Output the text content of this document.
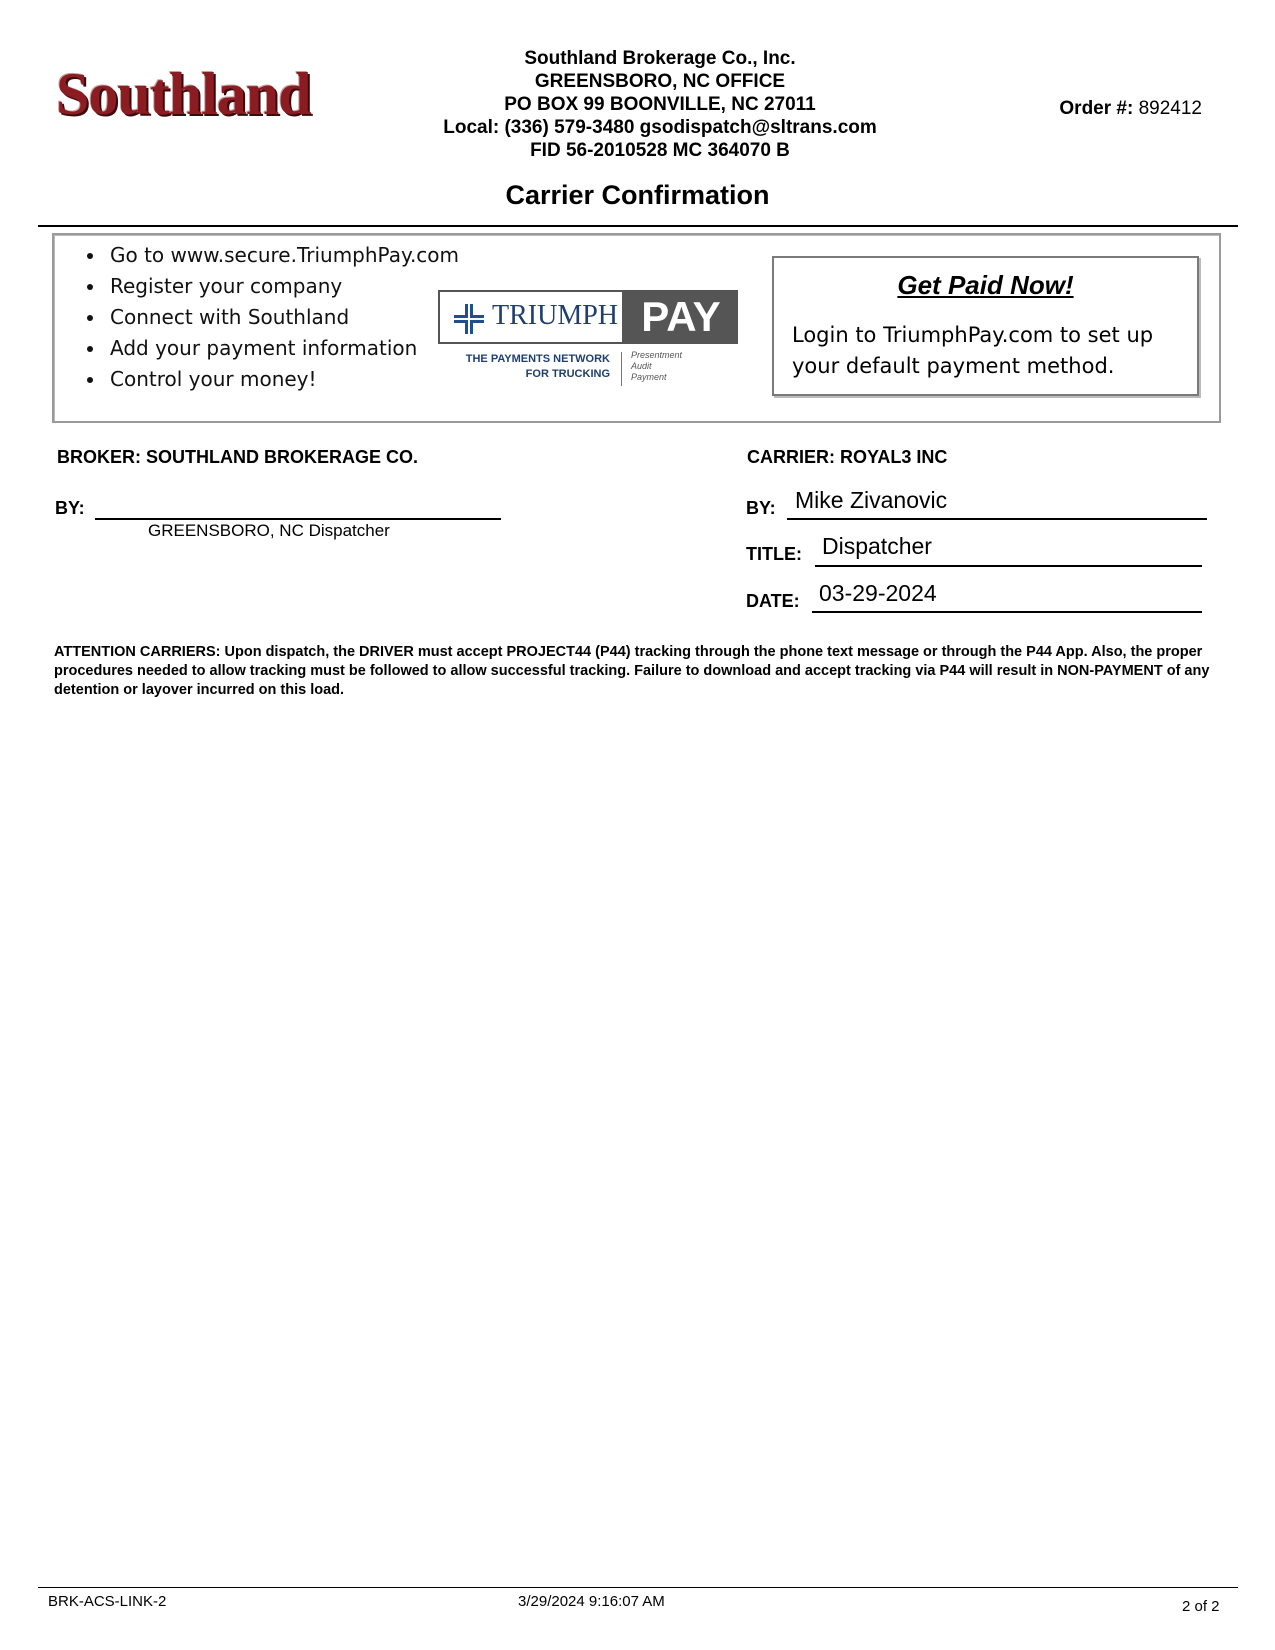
Southland
Southland Brokerage Co., Inc.
GREENSBORO, NC OFFICE
PO BOX 99 BOONVILLE, NC 27011
Local: (336) 579-3480 gsodispatch@sltrans.com
FID 56-2010528 MC 364070 B
Order #: 892412
Carrier Confirmation
• Go to www.secure.TriumphPay.com
• Register your company
• Connect with Southland
• Add your payment information
• Control your money!
TRIUMPH PAY
THE PAYMENTS NETWORK
FOR TRUCKING
Presentment
Audit
Payment
Get Paid Now!
Login to TriumphPay.com to set up your default payment method.
BROKER: SOUTHLAND BROKERAGE CO.
BY:
GREENSBORO, NC Dispatcher
CARRIER: ROYAL3 INC
BY: Mike Zivanovic
TITLE: Dispatcher
DATE: 03-29-2024
ATTENTION CARRIERS: Upon dispatch, the DRIVER must accept PROJECT44 (P44) tracking through the phone text message or through the P44 App. Also, the proper procedures needed to allow tracking must be followed to allow successful tracking. Failure to download and accept tracking via P44 will result in NON-PAYMENT of any detention or layover incurred on this load.
BRK-ACS-LINK-2	3/29/2024 9:16:07 AM	2 of 2
